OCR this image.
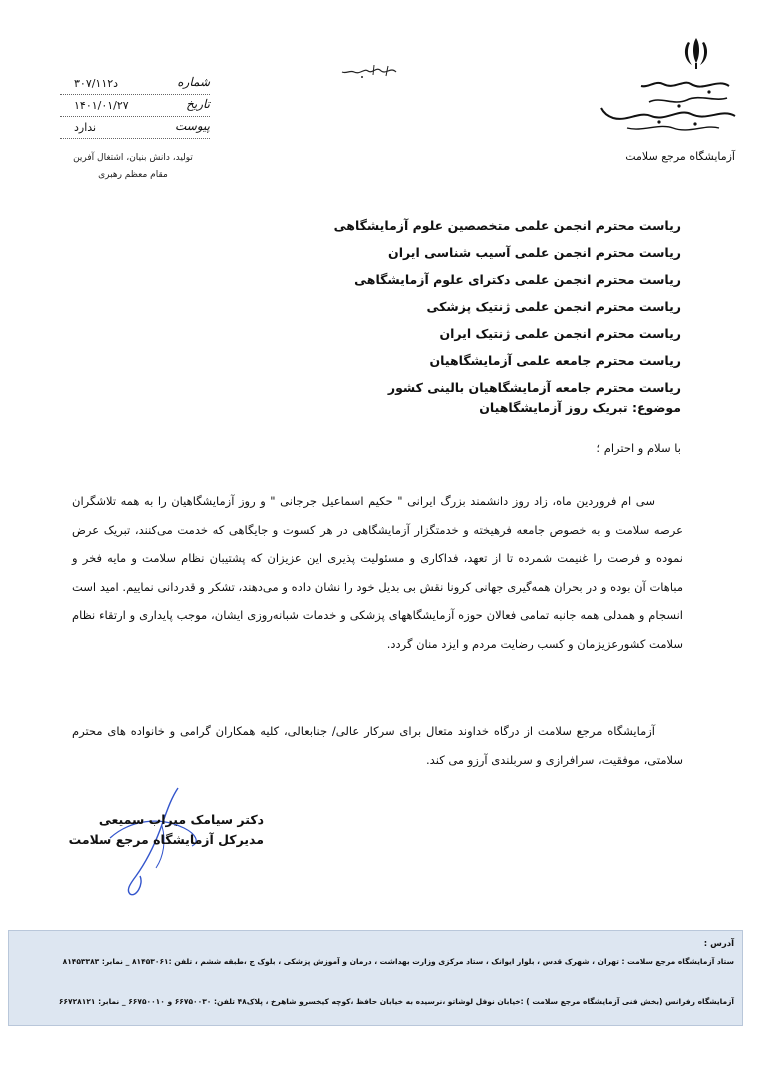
آزمایشگاه مرجع سلامت
شماره
د۳۰۷/۱۱۲
تاریخ
۱۴۰۱/۰۱/۲۷
پیوست
ندارد
تولید، دانش بنیان، اشتغال آفرین
مقام معظم رهبری
ریاست محترم انجمن علمی متخصصین علوم آزمایشگاهی
ریاست محترم انجمن علمی آسیب شناسی ایران
ریاست محترم انجمن علمی دکترای علوم آزمایشگاهی
ریاست محترم انجمن علمی ژنتیک پزشکی
ریاست محترم انجمن علمی ژنتیک ایران
ریاست محترم جامعه علمی آزمایشگاهیان
ریاست محترم جامعه آزمایشگاهیان بالینی کشور
موضوع: تبریک روز آزمایشگاهیان
با سلام و احترام ؛

سی ام فروردین ماه، زاد روز دانشمند بزرگ ایرانی " حکیم اسماعیل جرجانی " و روز آزمایشگاهیان را به همه تلاشگران عرصه سلامت و به خصوص جامعه فرهیخته و خدمتگزار آزمایشگاهی در هر کسوت و جایگاهی که خدمت می‌کنند، تبریک عرض نموده و فرصت را غنیمت شمرده تا از تعهد، فداکاری و مسئولیت پذیری این عزیزان که پشتیبان نظام سلامت و مایه فخر و مباهات آن بوده و در بحران همه‌گیری جهانی کرونا نقش بی بدیل خود را نشان داده و می‌دهند، تشکر و قدردانی نماییم. امید است انسجام و همدلی همه جانبه تمامی فعالان حوزه آزمایشگاههای پزشکی و خدمات شبانه‌روزی ایشان، موجب پایداری و ارتقاء نظام سلامت کشورعزیزمان و کسب رضایت مردم و ایزد منان گردد.

آزمایشگاه مرجع سلامت از درگاه خداوند متعال برای سرکار عالی/ جنابعالی، کلیه همکاران گرامی و خانواده های محترم سلامتی، موفقیت، سرافرازی و سربلندی آرزو می کند.

دکتر سیامک میراب سمیعی
مدیرکل آزمایشگاه مرجع سلامت
آدرس :
ستاد آزمایشگاه مرجع سلامت : تهران ، شهرک قدس ، بلوار ایوانک ، ستاد مرکزی وزارت بهداشت ، درمان و آموزش پزشکی ، بلوک ج ،طبقه ششم ، تلفن :۸۱۴۵۳۰۶۱ _ نمابر: ۸۱۴۵۳۳۸۳
آزمایشگاه رفرانس (بخش فنی آزمایشگاه مرجع سلامت ) :خیابان نوفل لوشاتو ،نرسیده به خیابان حافظ ،کوچه کیخسرو شاهرخ ، پلاک۴۸ تلفن: ۶۶۷۵۰۰۳۰ و ۶۶۷۵۰۰۱۰ _ نمابر: ۶۶۷۲۸۱۲۱
